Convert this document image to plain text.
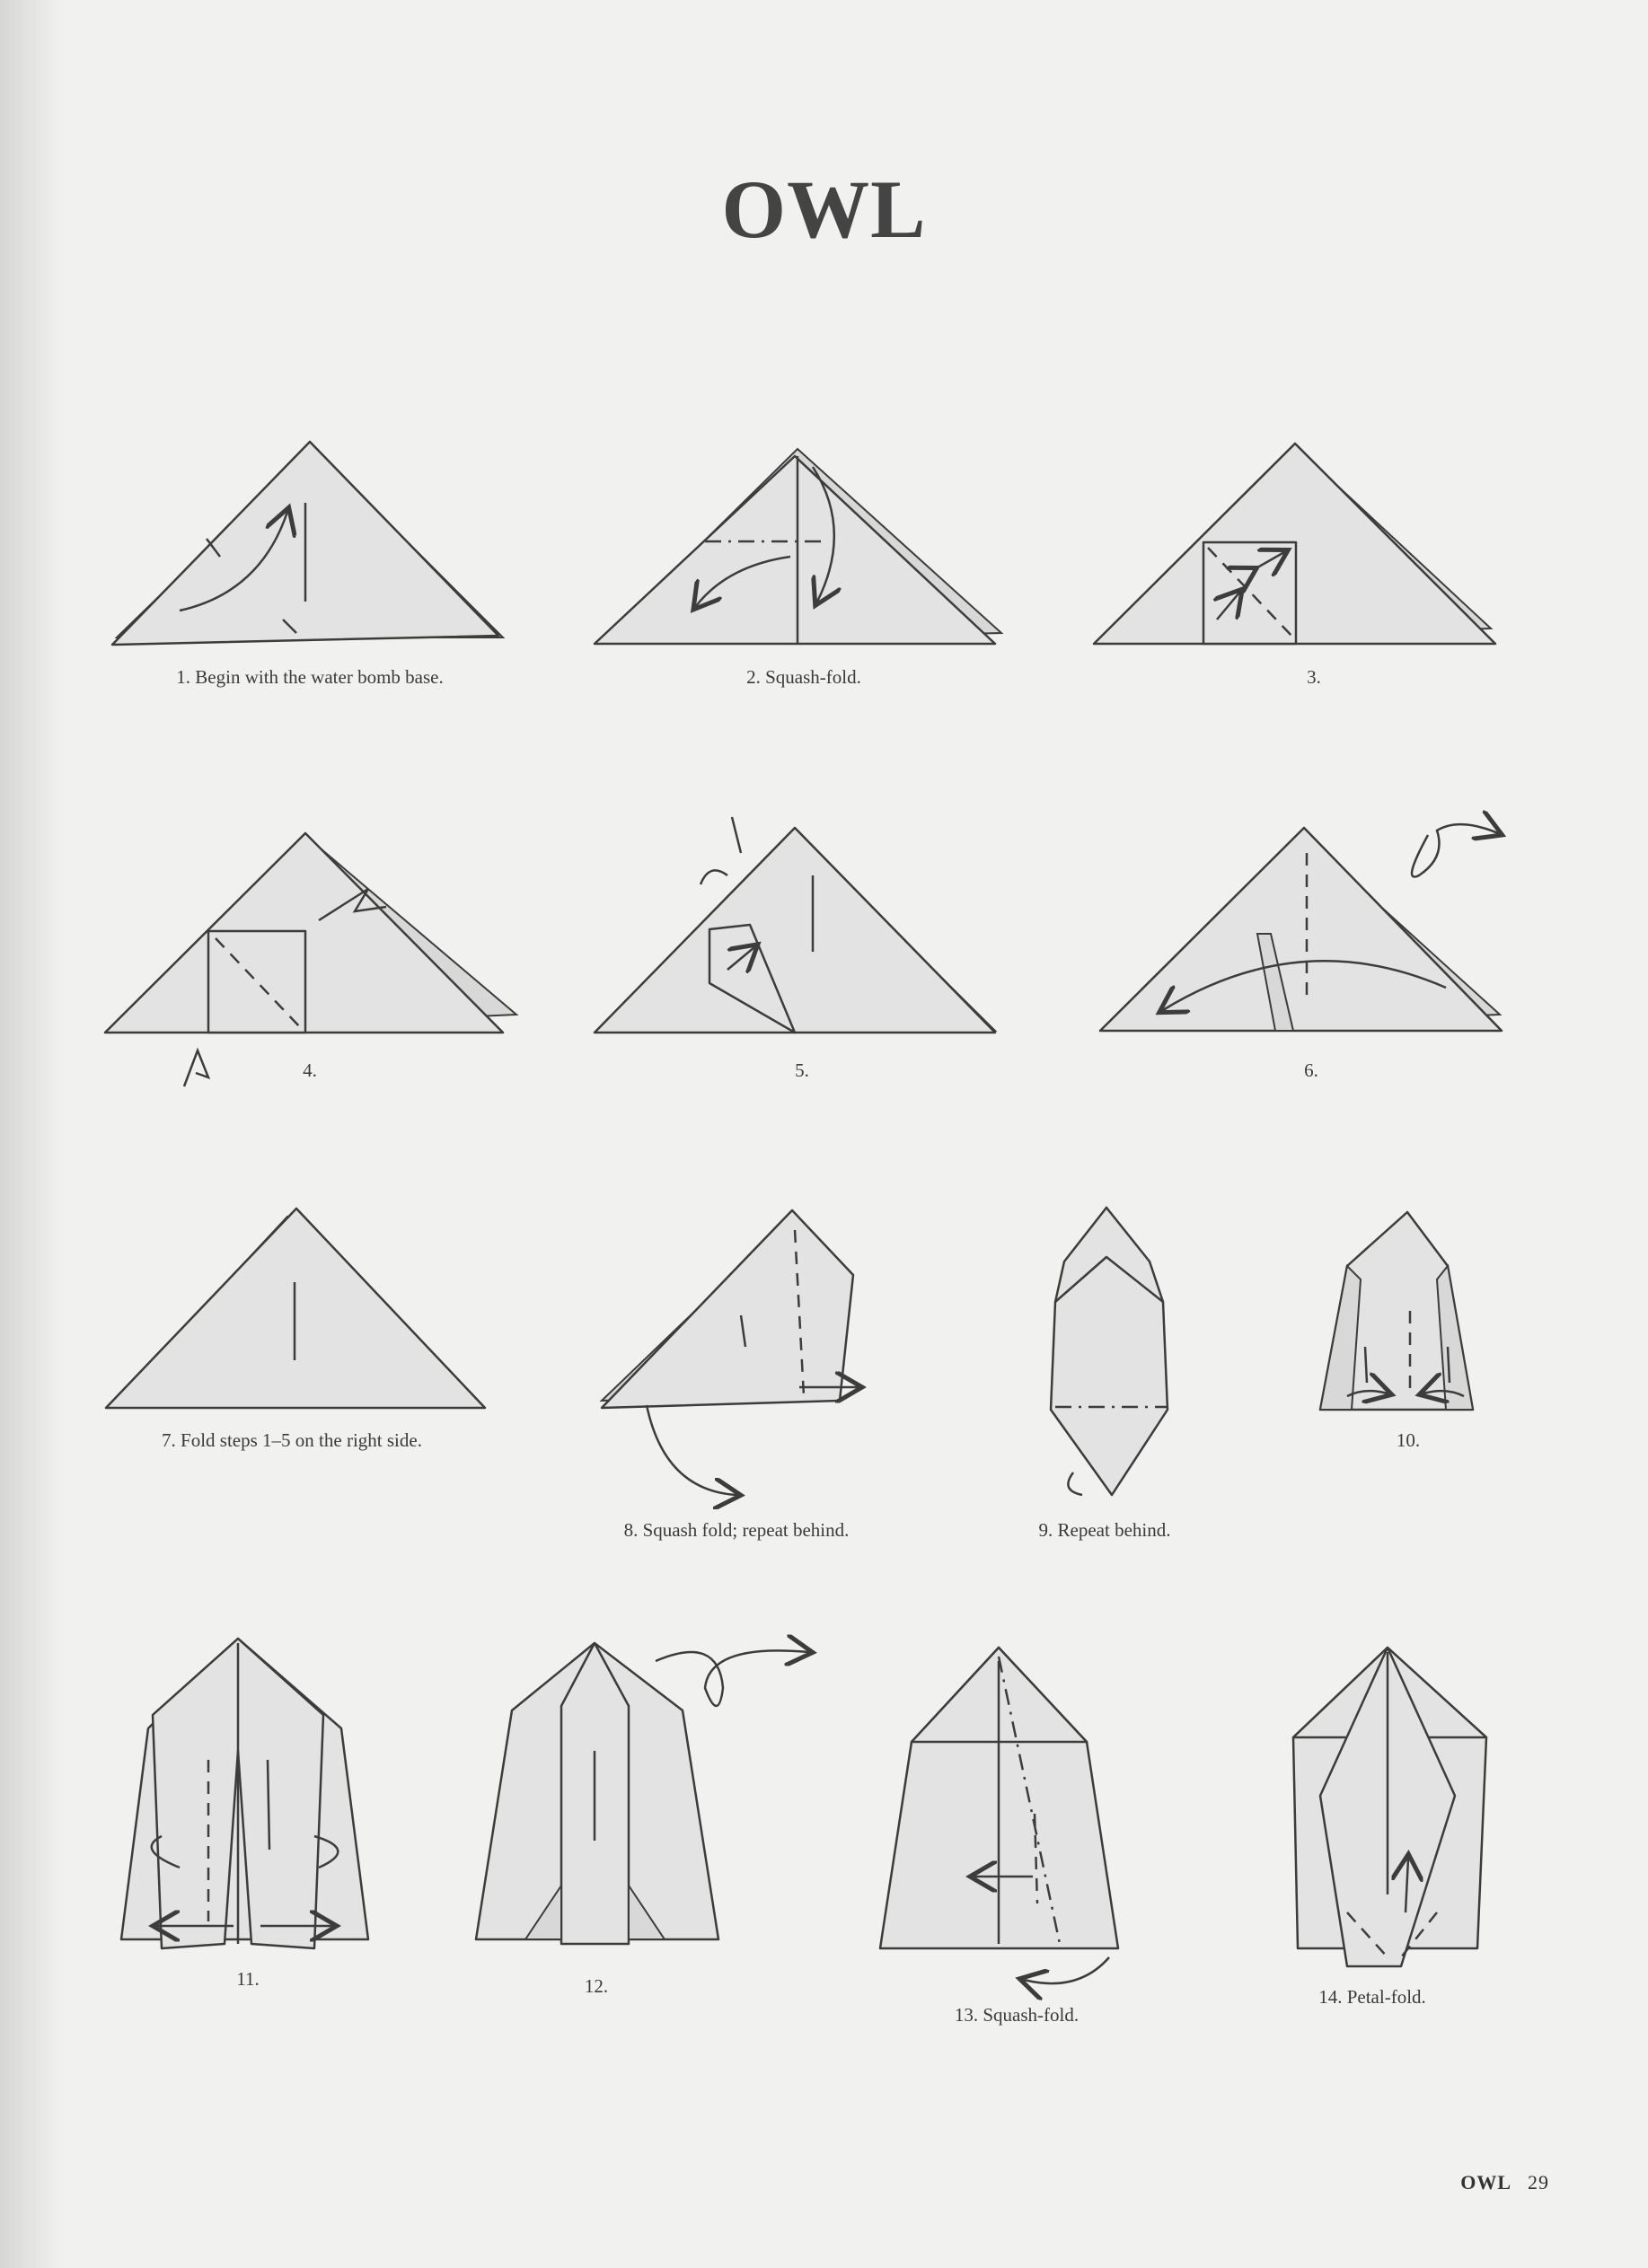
OWL
1. Begin with the water bomb base.	2. Squash-fold.	3.
4.	5.	6.
7. Fold steps 1–5 on the right side.
8. Squash fold; repeat behind.	9. Repeat behind.
10.
11.	12.
13. Squash-fold.
14. Petal-fold.
OWL 29
